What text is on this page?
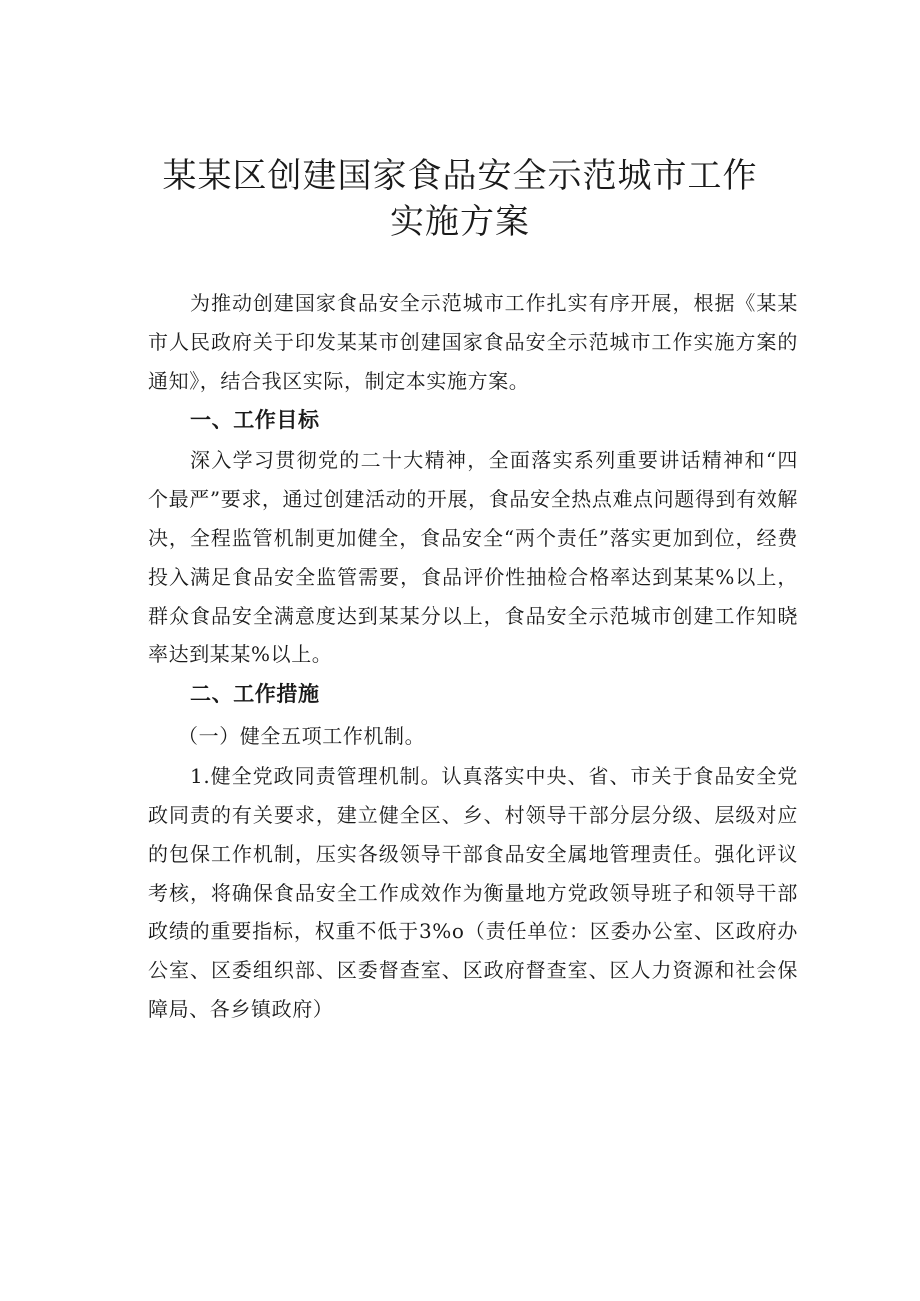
某某区创建国家食品安全示范城市工作
实施方案

为推动创建国家食品安全示范城市工作扎实有序开展，根据《某某市人民政府关于印发某某市创建国家食品安全示范城市工作实施方案的通知》，结合我区实际，制定本实施方案。

一、工作目标

深入学习贯彻党的二十大精神，全面落实系列重要讲话精神和“四个最严”要求，通过创建活动的开展，食品安全热点难点问题得到有效解决，全程监管机制更加健全，食品安全“两个责任”落实更加到位，经费投入满足食品安全监管需要，食品评价性抽检合格率达到某某%以上，群众食品安全满意度达到某某分以上，食品安全示范城市创建工作知晓率达到某某%以上。

二、工作措施

（一）健全五项工作机制。

1.健全党政同责管理机制。认真落实中央、省、市关于食品安全党政同责的有关要求，建立健全区、乡、村领导干部分层分级、层级对应的包保工作机制，压实各级领导干部食品安全属地管理责任。强化评议考核，将确保食品安全工作成效作为衡量地方党政领导班子和领导干部政绩的重要指标，权重不低于3%o（责任单位：区委办公室、区政府办公室、区委组织部、区委督查室、区政府督查室、区人力资源和社会保障局、各乡镇政府）
